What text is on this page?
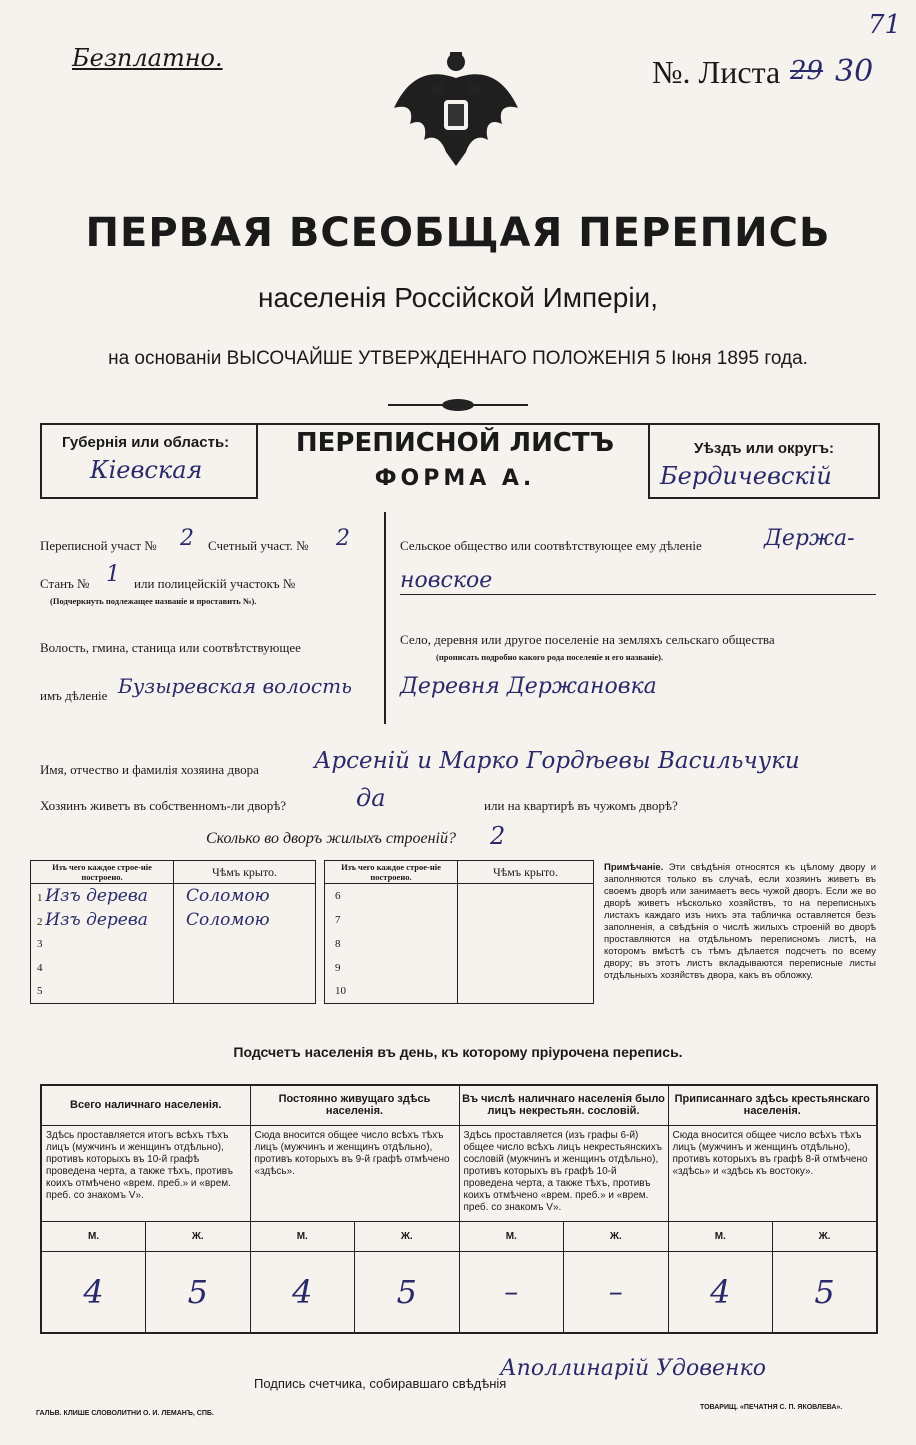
Безплатно.	№. Листа 29 30
71
ПЕРВАЯ ВСЕОБЩАЯ ПЕРЕПИСЬ
населенія Россійской Имперіи,
на основаніи ВЫСОЧАЙШЕ УТВЕРЖДЕННАГО ПОЛОЖЕНІЯ 5 Іюня 1895 года.
Губернія или область:
Кіевская
ПЕРЕПИСНОЙ ЛИСТЪ
ФОРМА А.
Уѣздъ или округъ:
Бердичевскій
Переписной участ № 2 Счетный участ. № 2
Станъ № 1 или полицейскій участокъ №
(Подчеркнуть подлежащее названіе и проставить №).
Волость, гмина, станица или соотвѣтствующее
имъ дѣленіе Бузыревская волость
Сельское общество или соотвѣтствующее ему дѣленіе	Держа-
новское
Село, деревня или другое поселеніе на земляхъ сельскаго общества
(прописать подробно какого рода поселеніе и его названіе).
Деревня Держановка
Имя, отчество и фамилія хозяина двора Арсеній и Марко Гордѣевы Васильчуки
Хозяинъ живетъ въ собственномъ-ли дворѣ?	да	или на квартирѣ въ чужомъ дворѣ?
Сколько во дворъ жилыхъ строеній? 2
Изъ чего каждое строе-ніе построено.	Чѣмъ крыто.
1 Изъ дерева	Соломою
2 Изъ дерева	Соломою
3	
4	
5	
Изъ чего каждое строе-ніе построено.	Чѣмъ крыто.
6	
7	
8	
9	
10	
Примѣчаніе. Эти свѣдѣнія относятся къ цѣлому двору и заполняются только въ случаѣ, если хозяинъ живетъ въ своемъ дворѣ или занимаетъ весь чужой дворъ. Если же во дворѣ живетъ нѣсколько хозяйствъ, то на переписныхъ листахъ каждаго изъ нихъ эта табличка оставляется безъ заполненія, а свѣдѣнія о числѣ жилыхъ строеній во дворѣ проставляются на отдѣльномъ переписномъ листѣ, на которомъ вмѣстѣ съ тѣмъ дѣлается подсчетъ по всему двору; въ этотъ листъ вкладываются переписные листы отдѣльныхъ хозяйствъ двора, какъ въ обложку.
Подсчетъ населенія въ день, къ которому пріурочена перепись.
Всего наличнаго населенія.		Постоянно живущаго здѣсь населенія.		Въ числѣ наличнаго населенія было лицъ некрестьян. сословій.		Приписаннаго здѣсь крестьянскаго населенія.	
Здѣсь проставляется итогъ всѣхъ тѣхъ лицъ (мужчинъ и женщинъ отдѣльно), противъ которыхъ въ 10-й графѣ проведена черта, а также тѣхъ, противъ коихъ отмѣчено «врем. преб.» и «врем. преб. со знакомъ V».		Сюда вносится общее число всѣхъ тѣхъ лицъ (мужчинъ и женщинъ отдѣльно), противъ которыхъ въ 9-й графѣ отмѣчено «здѣсь».		Здѣсь проставляется (изъ графы 6-й) общее число всѣхъ лицъ некрестьянскихъ сословій (мужчинъ и женщинъ отдѣльно), противъ которыхъ въ графѣ 10-й проведена черта, а также тѣхъ, противъ коихъ отмѣчено «врем. преб.» и «врем. преб. со знакомъ V».		Сюда вносится общее число всѣхъ тѣхъ лицъ (мужчинъ и женщинъ отдѣльно), противъ которыхъ въ графѣ 8-й отмѣчено «здѣсь» и «здѣсь къ востоку».	
М.	Ж.	М.	Ж.	М.	Ж.	М.	Ж.
4	5	4	5	–	–	4	5
Подпись счетчика, собиравшаго свѣдѣнія
Аполлинарій Удовенко
ГАЛЬВ. КЛИШЕ СЛОВОЛИТНИ О. И. ЛЕМАНЪ, СПБ.
ТОВАРИЩ. «ПЕЧАТНЯ С. П. ЯКОВЛЕВА».
